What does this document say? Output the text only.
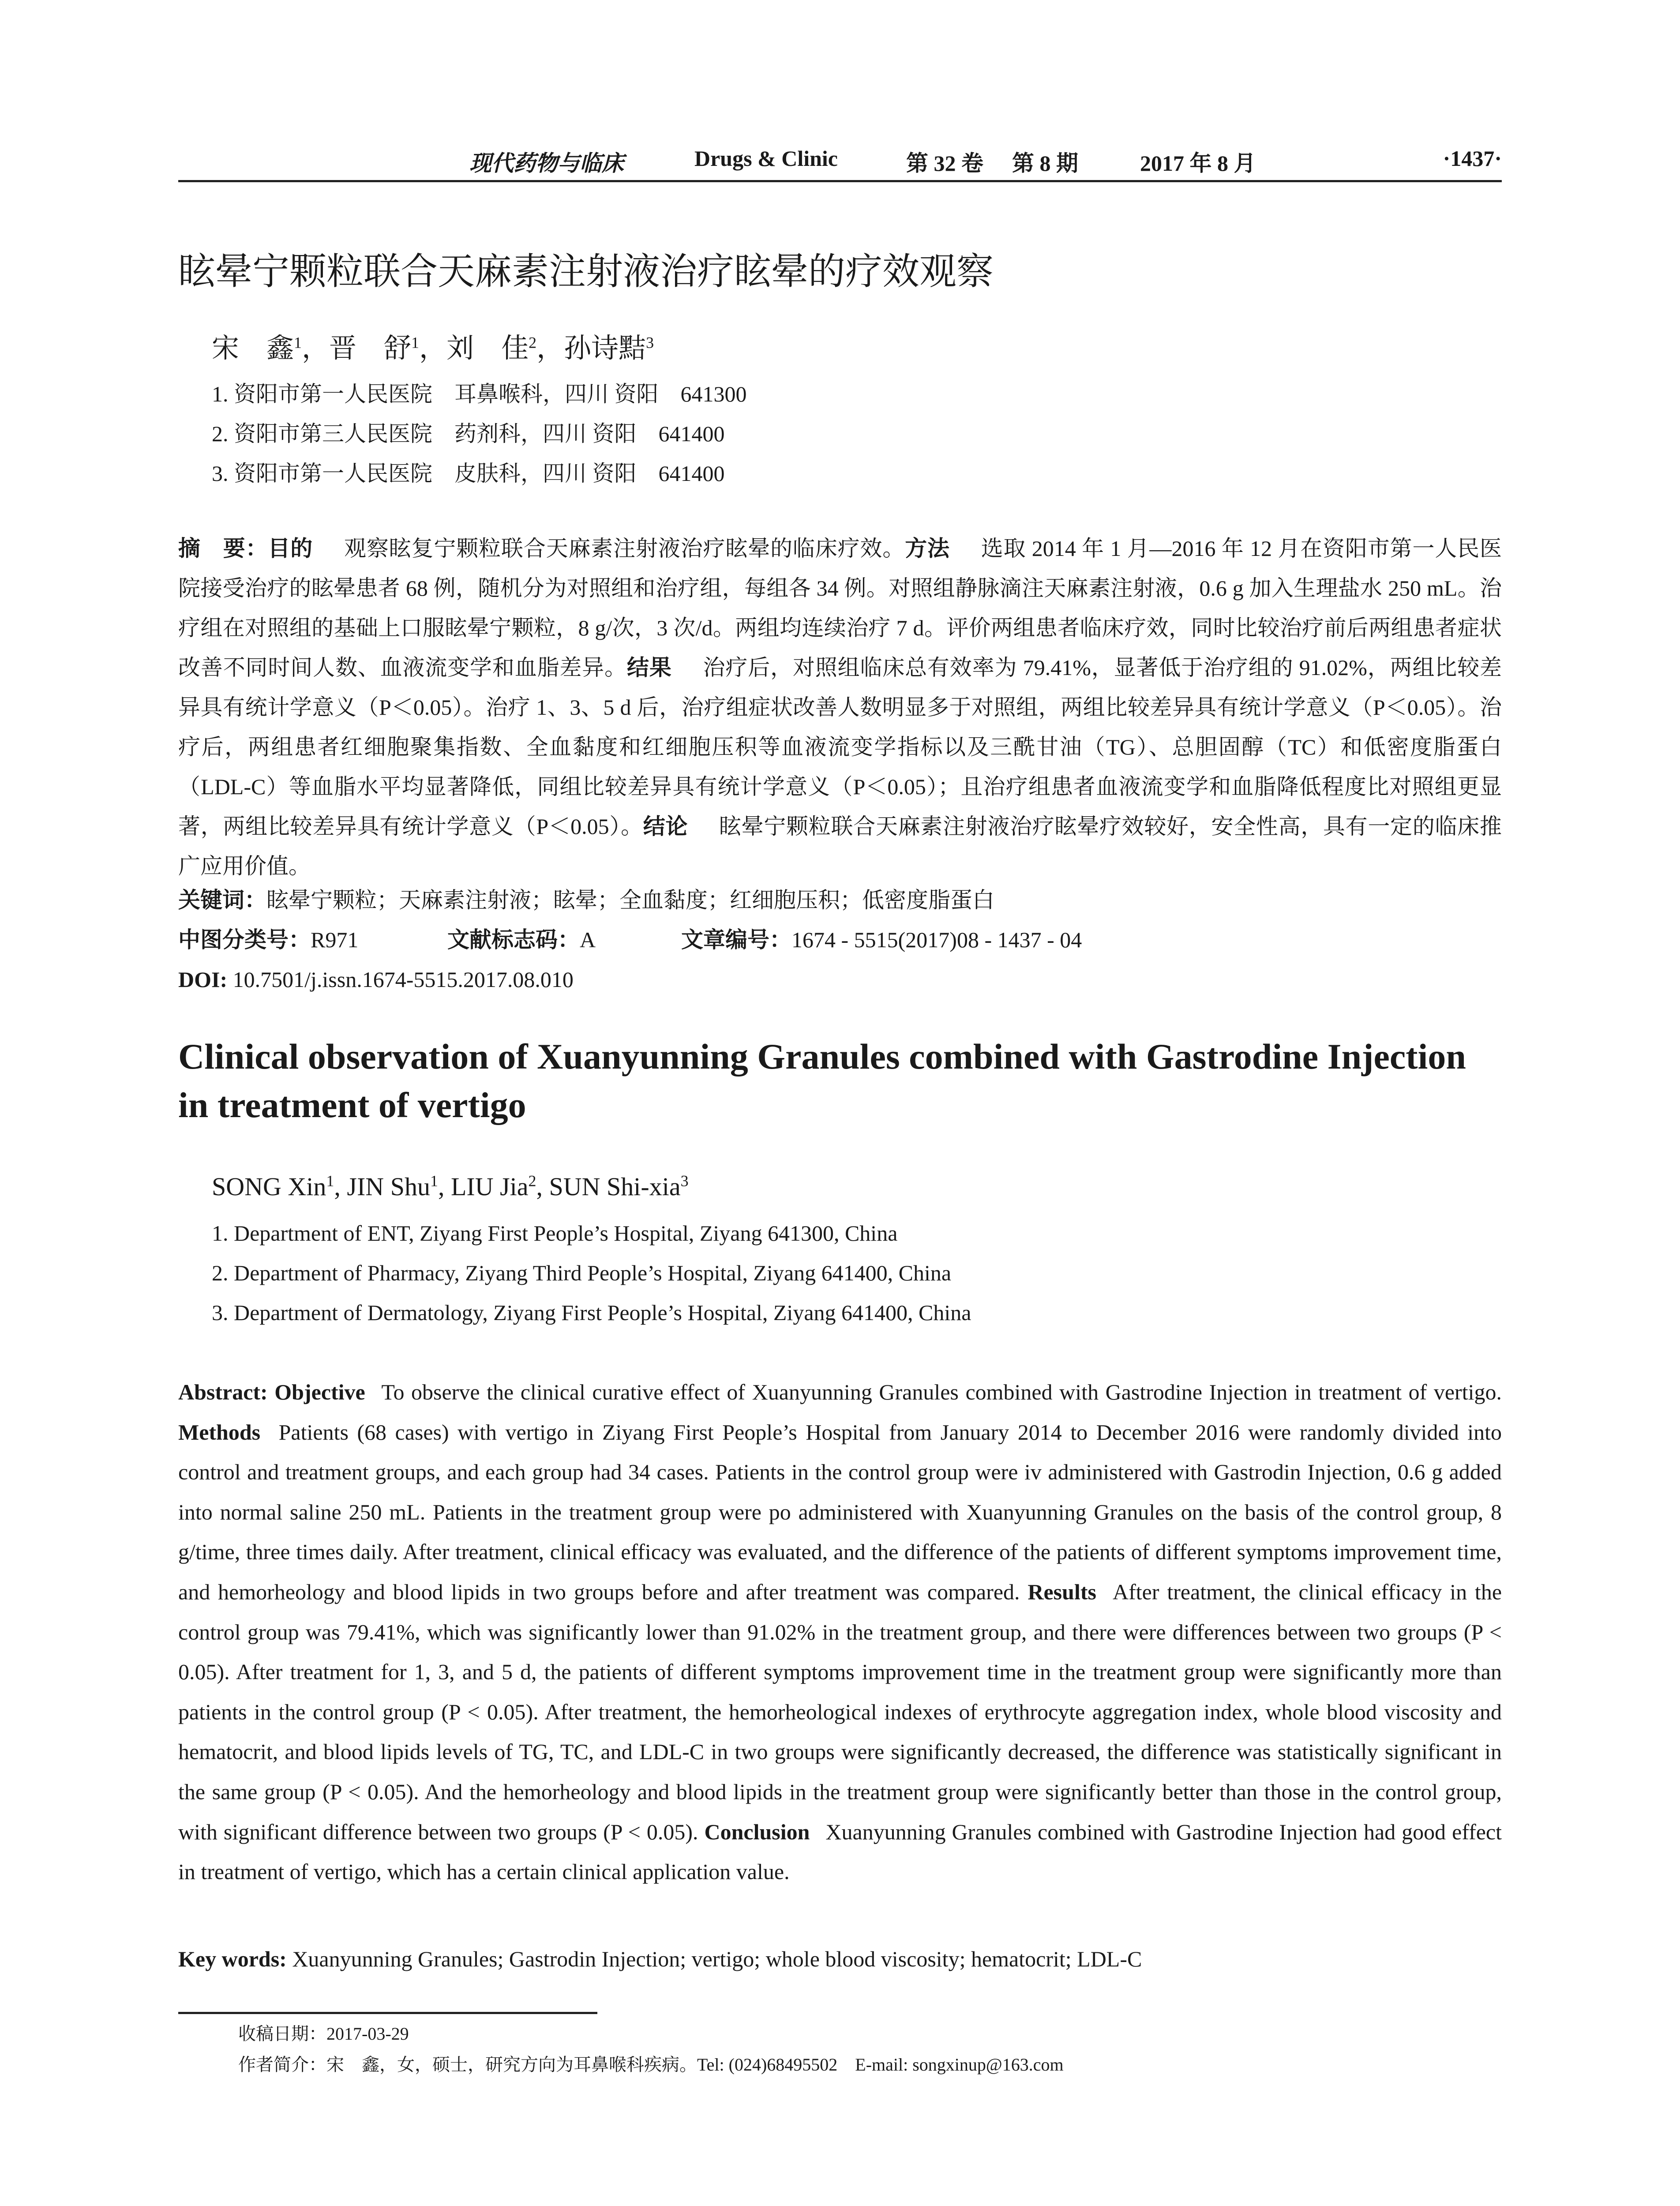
现代药物与临床	Drugs & Clinic	第 32 卷 第 8 期	2017 年 8 月	·1437·
眩晕宁颗粒联合天麻素注射液治疗眩晕的疗效观察
宋　鑫$^1$，晋　舒$^1$，刘　佳$^2$，孙诗黠$^3$
1. 资阳市第一人民医院　耳鼻喉科，四川 资阳　641300
2. 资阳市第三人民医院　药剂科，四川 资阳　641400
3. 资阳市第一人民医院　皮肤科，四川 资阳　641400
摘　要：目的　 观察眩复宁颗粒联合天麻素注射液治疗眩晕的临床疗效。方法　 选取 2014 年 1 月—2016 年 12 月在资阳市第一人民医院接受治疗的眩晕患者 68 例，随机分为对照组和治疗组，每组各 34 例。对照组静脉滴注天麻素注射液，0.6 g 加入生理盐水 250 mL。治疗组在对照组的基础上口服眩晕宁颗粒，8 g/次，3 次/d。两组均连续治疗 7 d。评价两组患者临床疗效，同时比较治疗前后两组患者症状改善不同时间人数、血液流变学和血脂差异。结果　 治疗后，对照组临床总有效率为 79.41%，显著低于治疗组的 91.02%，两组比较差异具有统计学意义（P＜0.05）。治疗 1、3、5 d 后，治疗组症状改善人数明显多于对照组，两组比较差异具有统计学意义（P＜0.05）。治疗后，两组患者红细胞聚集指数、全血黏度和红细胞压积等血液流变学指标以及三酰甘油（TG）、总胆固醇（TC）和低密度脂蛋白（LDL-C）等血脂水平均显著降低，同组比较差异具有统计学意义（P＜0.05）；且治疗组患者血液流变学和血脂降低程度比对照组更显著，两组比较差异具有统计学意义（P＜0.05）。结论　 眩晕宁颗粒联合天麻素注射液治疗眩晕疗效较好，安全性高，具有一定的临床推广应用价值。
关键词：眩晕宁颗粒；天麻素注射液；眩晕；全血黏度；红细胞压积；低密度脂蛋白
中图分类号：R971	文献标志码：A	文章编号：1674 - 5515(2017)08 - 1437 - 04
DOI: 10.7501/j.issn.1674-5515.2017.08.010
Clinical observation of Xuanyunning Granules combined with Gastrodine Injection in treatment of vertigo
SONG Xin$^1$, JIN Shu$^1$, LIU Jia$^2$, SUN Shi-xia$^3$
1. Department of ENT, Ziyang First People’s Hospital, Ziyang 641300, China
2. Department of Pharmacy, Ziyang Third People’s Hospital, Ziyang 641400, China
3. Department of Dermatology, Ziyang First People’s Hospital, Ziyang 641400, China
Abstract: Objective To observe the clinical curative effect of Xuanyunning Granules combined with Gastrodine Injection in treatment of vertigo. Methods Patients (68 cases) with vertigo in Ziyang First People’s Hospital from January 2014 to December 2016 were randomly divided into control and treatment groups, and each group had 34 cases. Patients in the control group were iv administered with Gastrodin Injection, 0.6 g added into normal saline 250 mL. Patients in the treatment group were po administered with Xuanyunning Granules on the basis of the control group, 8 g/time, three times daily. After treatment, clinical efficacy was evaluated, and the difference of the patients of different symptoms improvement time, and hemorheology and blood lipids in two groups before and after treatment was compared. Results After treatment, the clinical efficacy in the control group was 79.41%, which was significantly lower than 91.02% in the treatment group, and there were differences between two groups (P < 0.05). After treatment for 1, 3, and 5 d, the patients of different symptoms improvement time in the treatment group were significantly more than patients in the control group (P < 0.05). After treatment, the hemorheological indexes of erythrocyte aggregation index, whole blood viscosity and hematocrit, and blood lipids levels of TG, TC, and LDL-C in two groups were significantly decreased, the difference was statistically significant in the same group (P < 0.05). And the hemorheology and blood lipids in the treatment group were significantly better than those in the control group, with significant difference between two groups (P < 0.05). Conclusion Xuanyunning Granules combined with Gastrodine Injection had good effect in treatment of vertigo, which has a certain clinical application value.
Key words: Xuanyunning Granules; Gastrodin Injection; vertigo; whole blood viscosity; hematocrit; LDL-C
收稿日期：2017-03-29
作者简介：宋　鑫，女，硕士，研究方向为耳鼻喉科疾病。Tel: (024)68495502　E-mail: songxinup@163.com
